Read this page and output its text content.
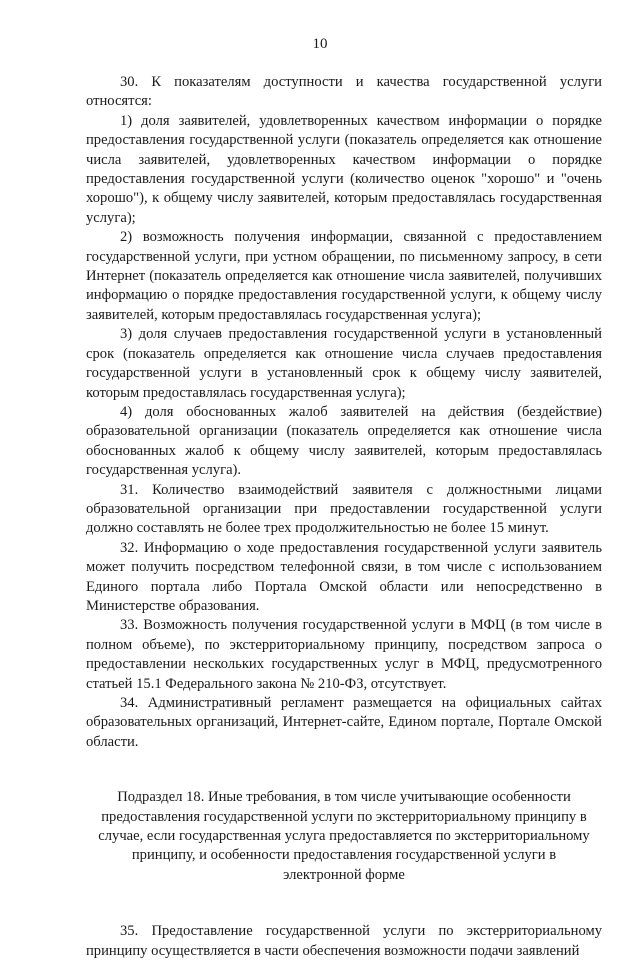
10

30. К показателям доступности и качества государственной услуги относятся:

1) доля заявителей, удовлетворенных качеством информации о порядке предоставления государственной услуги (показатель определяется как отношение числа заявителей, удовлетворенных качеством информации о порядке предоставления государственной услуги (количество оценок "хорошо" и "очень хорошо"), к общему числу заявителей, которым предоставлялась государственная услуга);

2) возможность получения информации, связанной с предоставлением государственной услуги, при устном обращении, по письменному запросу, в сети Интернет (показатель определяется как отношение числа заявителей, получивших информацию о порядке предоставления государственной услуги, к общему числу заявителей, которым предоставлялась государственная услуга);

3) доля случаев предоставления государственной услуги в установленный срок (показатель определяется как отношение числа случаев предоставления государственной услуги в установленный срок к общему числу заявителей, которым предоставлялась государственная услуга);

4) доля обоснованных жалоб заявителей на действия (бездействие) образовательной организации (показатель определяется как отношение числа обоснованных жалоб к общему числу заявителей, которым предоставлялась государственная услуга).

31. Количество взаимодействий заявителя с должностными лицами образовательной организации при предоставлении государственной услуги должно составлять не более трех продолжительностью не более 15 минут.

32. Информацию о ходе предоставления государственной услуги заявитель может получить посредством телефонной связи, в том числе с использованием Единого портала либо Портала Омской области или непосредственно в Министерстве образования.

33. Возможность получения государственной услуги в МФЦ (в том числе в полном объеме), по экстерриториальному принципу, посредством запроса о предоставлении нескольких государственных услуг в МФЦ, предусмотренного статьей 15.1 Федерального закона № 210-ФЗ, отсутствует.

34. Административный регламент размещается на официальных сайтах образовательных организаций, Интернет-сайте, Едином портале, Портале Омской области.

Подраздел 18. Иные требования, в том числе учитывающие особенности предоставления государственной услуги по экстерриториальному принципу в случае, если государственная услуга предоставляется по экстерриториальному принципу, и особенности предоставления государственной услуги в электронной форме

35. Предоставление государственной услуги по экстерриториальному принципу осуществляется в части обеспечения возможности подачи заявлений
